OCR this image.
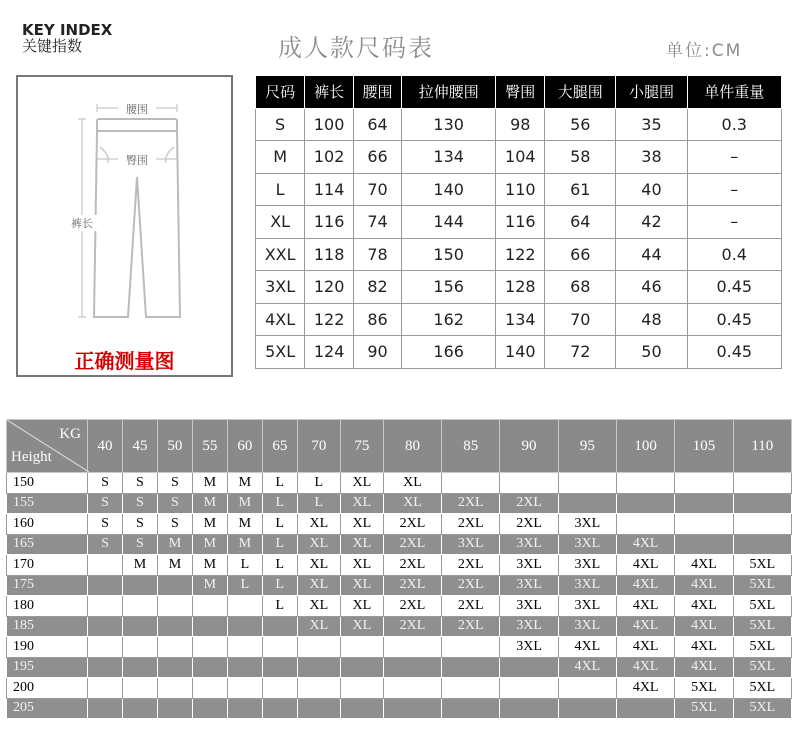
KEY INDEX
关键指数	成人款尺码表	单位:CM
腰围
臀围
裤长
正确测量图
尺码	裤长	腰围	拉伸腰围	臀围	大腿围	小腿围	单件重量
S	100	64	130	98	56	35	0.3
M	102	66	134	104	58	38	–
L	114	70	140	110	61	40	–
XL	116	74	144	116	64	42	–
XXL	118	78	150	122	66	44	0.4
3XL	120	82	156	128	68	46	0.45
4XL	122	86	162	134	70	48	0.45
5XL	124	90	166	140	72	50	0.45
KG
Height	40	45	50	55	60	65	70	75	80	85	90	95	100	105	110
150	S	S	S	M	M	L	L	XL	XL						
155	S	S	S	M	M	L	L	XL	XL	2XL	2XL				
160	S	S	S	M	M	L	XL	XL	2XL	2XL	2XL	3XL			
165	S	S	M	M	M	L	XL	XL	2XL	3XL	3XL	3XL	4XL		
170		M	M	M	L	L	XL	XL	2XL	2XL	3XL	3XL	4XL	4XL	5XL
175				M	L	L	XL	XL	2XL	2XL	3XL	3XL	4XL	4XL	5XL
180						L	XL	XL	2XL	2XL	3XL	3XL	4XL	4XL	5XL
185							XL	XL	2XL	2XL	3XL	3XL	4XL	4XL	5XL
190											3XL	4XL	4XL	4XL	5XL
195												4XL	4XL	4XL	5XL
200													4XL	5XL	5XL
205														5XL	5XL
